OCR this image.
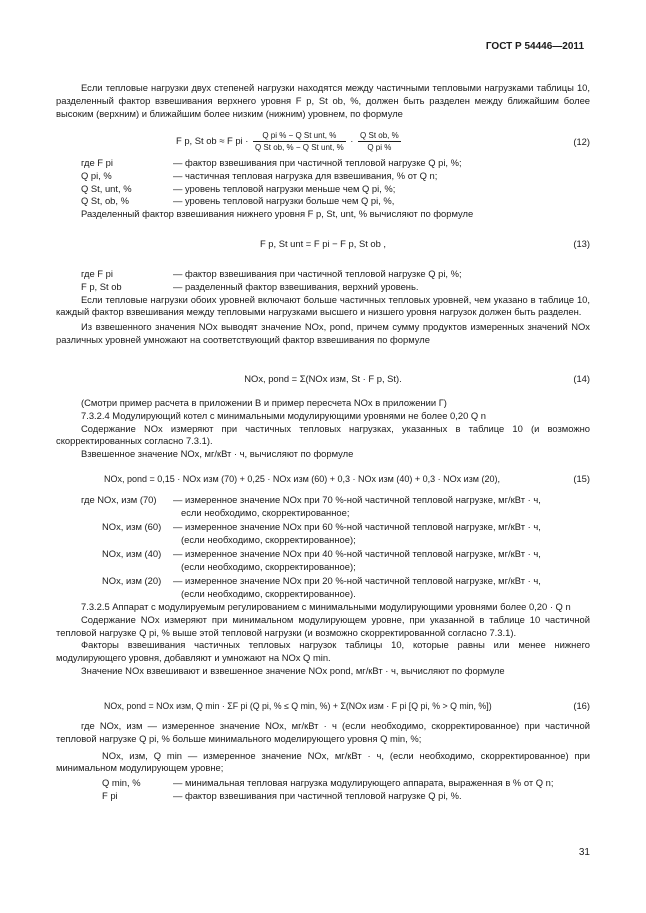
ГОСТ Р 54446—2011

Если тепловые нагрузки двух степеней нагрузки находятся между частичными тепловыми нагрузками таблицы 10, разделенный фактор взвешивания верхнего уровня F p, St ob, %, должен быть разделен между ближайшим более высоким (верхним) и ближайшим более низким (нижним) уровнем, по формуле

F p, St ob ≈ F pi · $\frac{\text{Q pi \% − Q St unt, \%}}{\text{Q St ob, \% − Q St unt, \%}} \cdot \frac{\text{Q St ob, \%}}{\text{Q pi \%}}$	(12)
где F pi	— фактор взвешивания при частичной тепловой нагрузке Q pi, %;
Q pi, %	— частичная тепловая нагрузка для взвешивания, % от Q n;
Q St, unt, %	— уровень тепловой нагрузки меньше чем Q pi, %;
Q St, ob, %	— уровень тепловой нагрузки больше чем Q pi, %,

Разделенный фактор взвешивания нижнего уровня F p, St, unt, % вычисляют по формуле

F p, St unt = F pi − F p, St ob ,	(13)
где F pi	— фактор взвешивания при частичной тепловой нагрузке Q pi, %;
F p, St ob	— разделенный фактор взвешивания, верхний уровень.

Если тепловые нагрузки обоих уровней включают больше частичных тепловых уровней, чем указано в таблице 10, каждый фактор взвешивания между тепловыми нагрузками высшего и низшего уровня нагрузок должен быть разделен.

Из взвешенного значения NOx выводят значение NOx, pond, причем сумму продуктов измеренных значений NOx различных уровней умножают на соответствующий фактор взвешивания по формуле

NOx, pond = Σ(NOx изм, St · F p, St).	(14)

(Смотри пример расчета в приложении В и пример пересчета NOx в приложении Г)

7.3.2.4 Модулирующий котел с минимальными модулирующими уровнями не более 0,20 Q n

Содержание NOx измеряют при частичных тепловых нагрузках, указанных в таблице 10 (и возможно скорректированных согласно 7.3.1).

Взвешенное значение NOx, мг/кВт · ч, вычисляют по формуле

NOx, pond = 0,15 · NOx изм (70) + 0,25 · NOx изм (60) + 0,3 · NOx изм (40) + 0,3 · NOx изм (20),	(15)
где NOx, изм (70) — измеренное значение NOx при 70 %-ной частичной тепловой нагрузке, мг/кВт · ч,
если необходимо, скорректированное;
NOx, изм (60) — измеренное значение NOx при 60 %-ной частичной тепловой нагрузке, мг/кВт · ч,
(если необходимо, скорректированное);
NOx, изм (40) — измеренное значение NOx при 40 %-ной частичной тепловой нагрузке, мг/кВт · ч,
(если необходимо, скорректированное);
NOx, изм (20) — измеренное значение NOx при 20 %-ной частичной тепловой нагрузке, мг/кВт · ч,
(если необходимо, скорректированное).

7.3.2.5 Аппарат с модулируемым регулированием с минимальными модулирующими уровнями более 0,20 · Q n

Содержание NOx измеряют при минимальном модулирующем уровне, при указанной в таблице 10 частичной тепловой нагрузке Q pi, % выше этой тепловой нагрузки (и возможно скорректированной согласно 7.3.1).

Факторы взвешивания частичных тепловых нагрузок таблицы 10, которые равны или менее нижнего модулирующего уровня, добавляют и умножают на NOx Q min.

Значение NOx взвешивают и взвешенное значение NOx pond, мг/кВт · ч, вычисляют по формуле

NOx, pond = NOx изм, Q min · ΣF pi (Q pi, % ≤ Q min, %) + Σ(NOx изм · F pi [Q pi, % > Q min, %])	(16)

где NOx, изм — измеренное значение NOx, мг/кВт · ч (если необходимо, скорректированное) при частичной тепловой нагрузке Q pi, % больше минимального моделирующего уровня Q min, %;

NOx, изм, Q min — измеренное значение NOx, мг/кВт · ч, (если необходимо, скорректированное) при минимальном модулирующем уровне;

Q min, %	— минимальная тепловая нагрузка модулирующего аппарата, выраженная в % от Q n;
F pi	— фактор взвешивания при частичной тепловой нагрузке Q pi, %.
31
